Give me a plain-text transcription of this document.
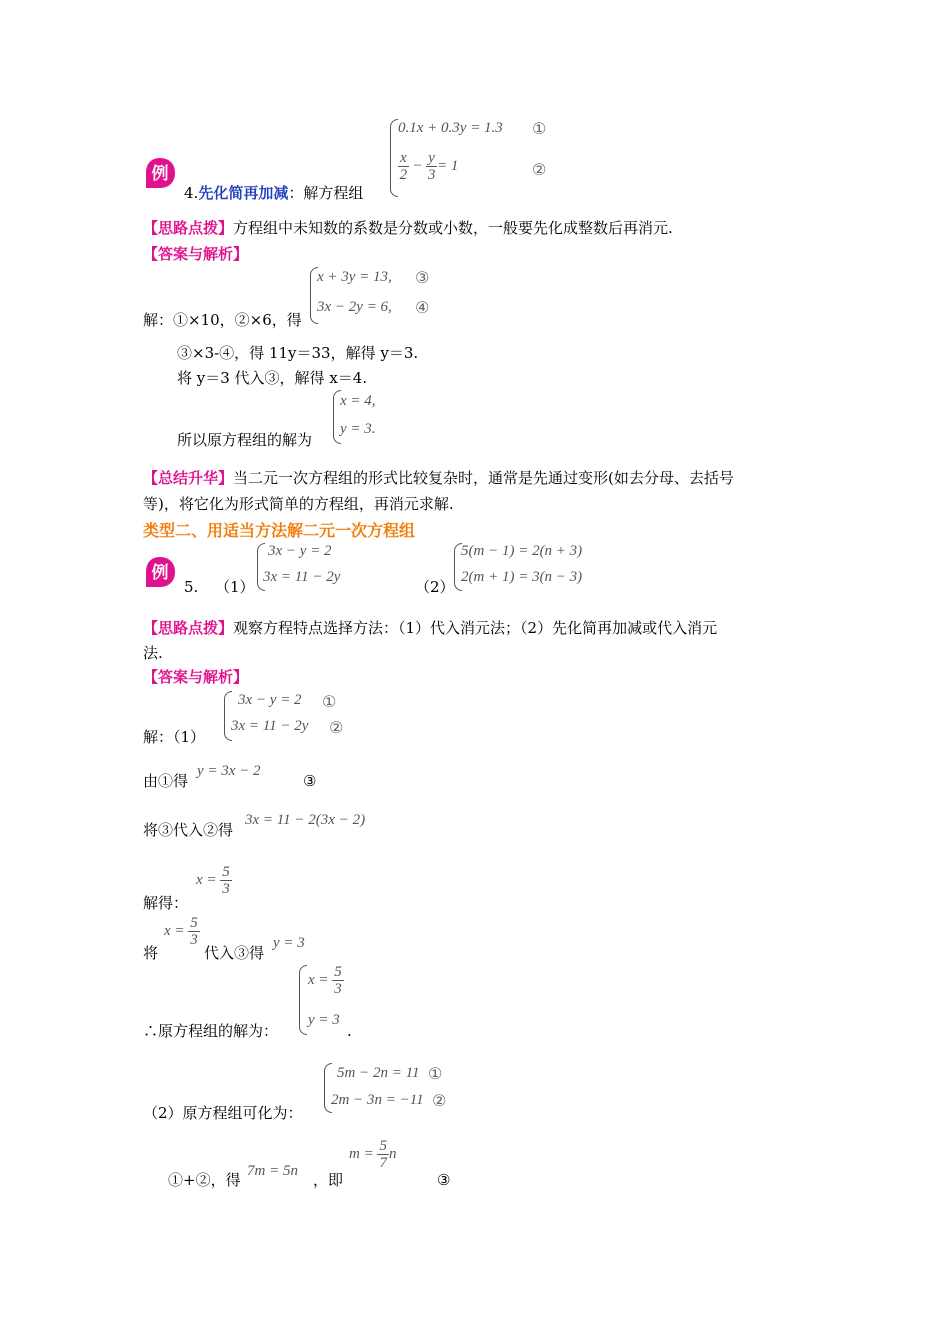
0.1x + 0.3y = 1.3 ①
$\frac{x}{2} - \frac{y}{3} = 1$	②
例
4.先化简再加减：解方程组
【思路点拨】方程组中未知数的系数是分数或小数，一般要先化成整数后再消元.
【答案与解析】
x + 3y = 13, ③
3x − 2y = 6, ④
解：①×10，②×6，得
③×3-④，得 11y＝33，解得 y＝3.
将 y＝3 代入③，解得 x＝4.
x = 4,
y = 3.
所以原方程组的解为
【总结升华】当二元一次方程组的形式比较复杂时，通常是先通过变形(如去分母、去括号
等)，将它化为形式简单的方程组，再消元求解.
类型二、用适当方法解二元一次方程组
例
5. （1）
3x − y = 2
3x = 11 − 2y
（2）
5(m − 1) = 2(n + 3)
2(m + 1) = 3(n − 3)
【思路点拨】观察方程特点选择方法：（1）代入消元法；（2）先化简再加减或代入消元
法.
【答案与解析】
3x − y = 2 ①
3x = 11 − 2y ②
解：（1）
由①得
y = 3x − 2
③
将③代入②得
3x = 11 − 2(3x − 2)
$x = \frac{5}{3}$
解得：
$x = \frac{5}{3}$
将	代入③得
y = 3
$x = \frac{5}{3}$
y = 3
∴原方程组的解为：	.
5m − 2n = 11 ①
2m − 3n = −11 ②
（2）原方程组可化为：
①+②，得 7m = 5n ，即
$m = \frac{5}{7}$ n
③
